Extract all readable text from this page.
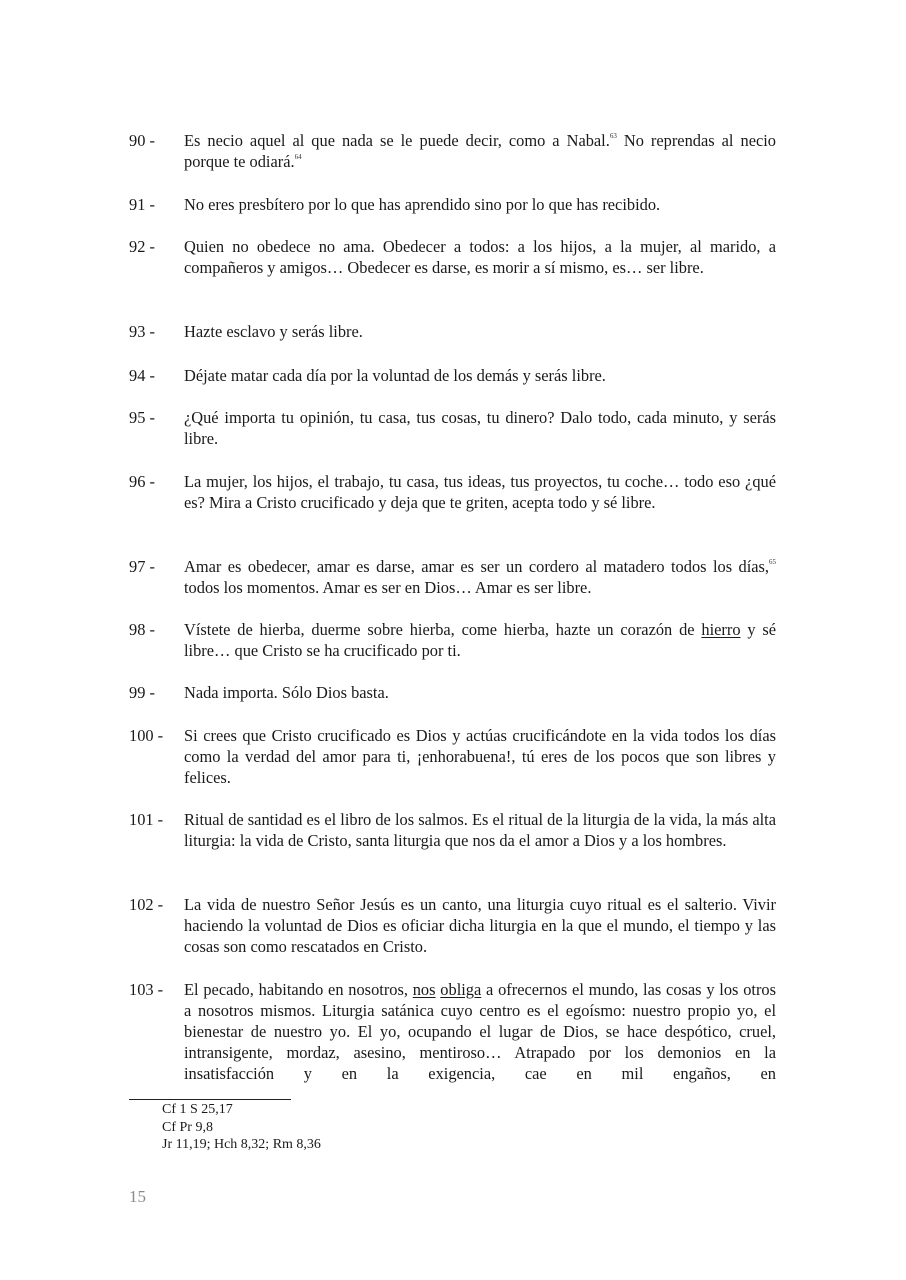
90 - Es necio aquel al que nada se le puede decir, como a Nabal.$^{63}$ No reprendas al necio porque te odiará.$^{64}$
91 - No eres presbítero por lo que has aprendido sino por lo que has recibido.
92 - Quien no obedece no ama. Obedecer a todos: a los hijos, a la mujer, al marido, a compañeros y amigos… Obedecer es darse, es morir a sí mismo, es… ser libre.
93 - Hazte esclavo y serás libre.
94 - Déjate matar cada día por la voluntad de los demás y serás libre.
95 - ¿Qué importa tu opinión, tu casa, tus cosas, tu dinero? Dalo todo, cada minuto, y serás libre.
96 - La mujer, los hijos, el trabajo, tu casa, tus ideas, tus proyectos, tu coche… todo eso ¿qué es? Mira a Cristo crucificado y deja que te griten, acepta todo y sé libre.
97 - Amar es obedecer, amar es darse, amar es ser un cordero al matadero todos los días,$^{65}$ todos los momentos. Amar es ser en Dios… Amar es ser libre.
98 - Vístete de hierba, duerme sobre hierba, come hierba, hazte un corazón de hierro y sé libre… que Cristo se ha crucificado por ti.
99 - Nada importa. Sólo Dios basta.
100 - Si crees que Cristo crucificado es Dios y actúas crucificándote en la vida todos los días como la verdad del amor para ti, ¡enhorabuena!, tú eres de los pocos que son libres y felices.
101 - Ritual de santidad es el libro de los salmos. Es el ritual de la liturgia de la vida, la más alta liturgia: la vida de Cristo, santa liturgia que nos da el amor a Dios y a los hombres.
102 - La vida de nuestro Señor Jesús es un canto, una liturgia cuyo ritual es el salterio. Vivir haciendo la voluntad de Dios es oficiar dicha liturgia en la que el mundo, el tiempo y las cosas son como rescatados en Cristo.
103 - El pecado, habitando en nosotros, nos obliga a ofrecernos el mundo, las cosas y los otros a nosotros mismos. Liturgia satánica cuyo centro es el egoísmo: nuestro propio yo, el bienestar de nuestro yo. El yo, ocupando el lugar de Dios, se hace despótico, cruel, intransigente, mordaz, asesino, mentiroso… Atrapado por los demonios en la insatisfacción y en la exigencia, cae en mil engaños, en
Cf 1 S 25,17
Cf Pr 9,8
Jr 11,19; Hch 8,32; Rm 8,36
15
